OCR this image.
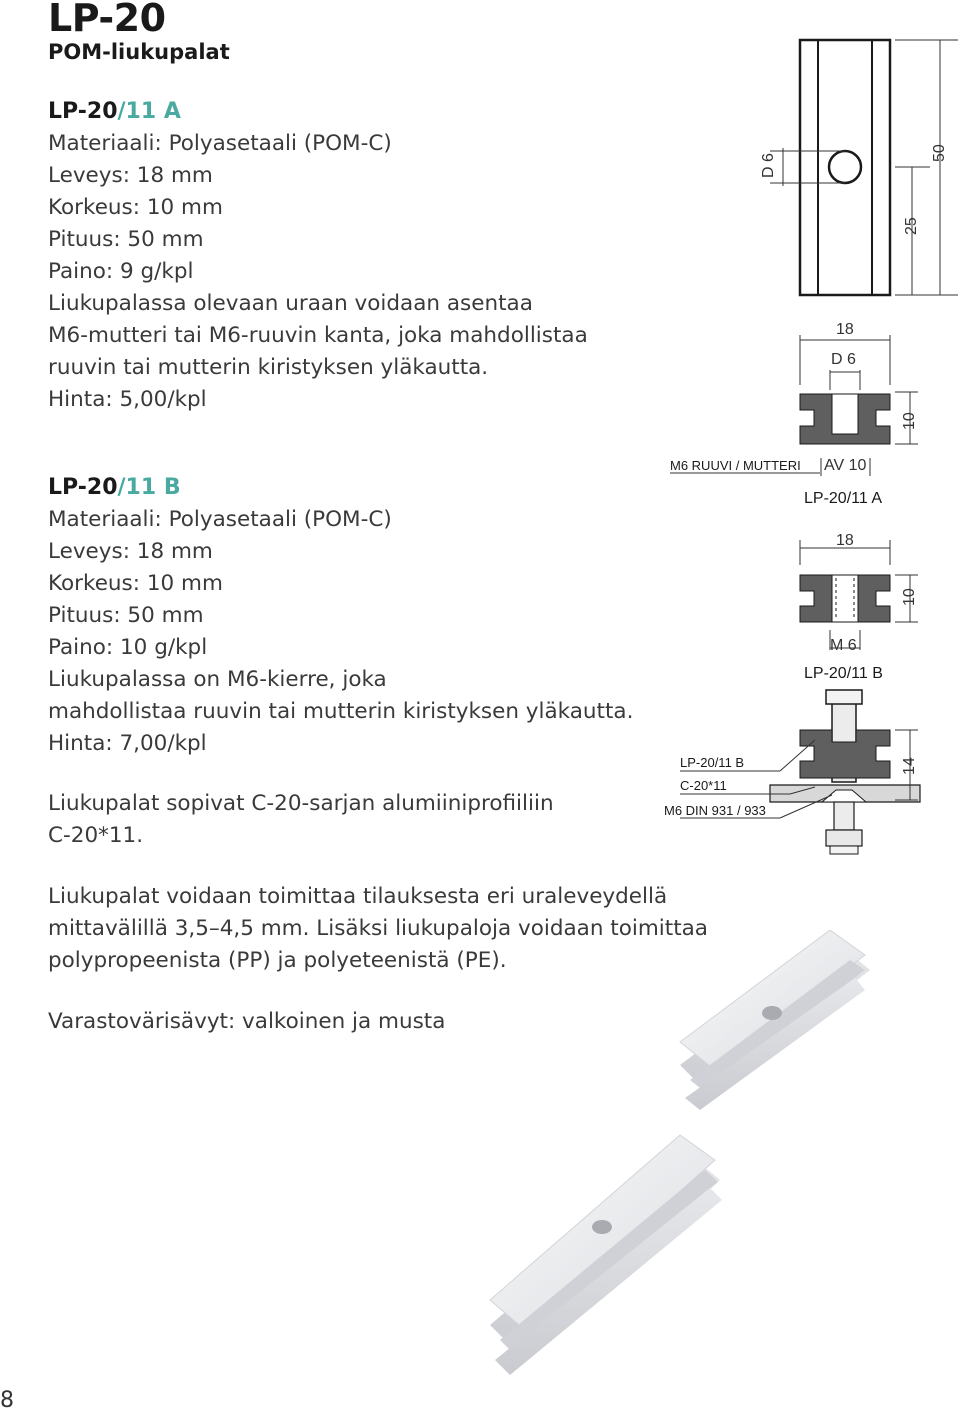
LP-20
POM-liukupalat
LP-20/11 A

Materiaali: Polyasetaali (POM-C)

Leveys: 18 mm

Korkeus: 10 mm

Pituus: 50 mm

Paino: 9 g/kpl

Liukupalassa olevaan uraan voidaan asentaa

M6-mutteri tai M6-ruuvin kanta, joka mahdollistaa

ruuvin tai mutterin kiristyksen yläkautta.

Hinta: 5,00/kpl

LP-20/11 B

Materiaali: Polyasetaali (POM-C)

Leveys: 18 mm

Korkeus: 10 mm

Pituus: 50 mm

Paino: 10 g/kpl

Liukupalassa on M6-kierre, joka

mahdollistaa ruuvin tai mutterin kiristyksen yläkautta.

Hinta: 7,00/kpl

Liukupalat sopivat C-20-sarjan alumiiniprofiiliin

C-20*11.

Liukupalat voidaan toimittaa tilauksesta eri uraleveydellä

mittavälillä 3,5–4,5 mm. Lisäksi liukupaloja voidaan toimittaa

polypropeenista (PP) ja polyeteenistä (PE).

Varastovärisävyt: valkoinen ja musta

D 6
25
50
18
D 6
10
M6 RUUVI / MUTTERI AV 10
LP-20/11 A
18
10
M 6
LP-20/11 B
14
LP-20/11 B
C-20*11
M6 DIN 931 / 933
8
